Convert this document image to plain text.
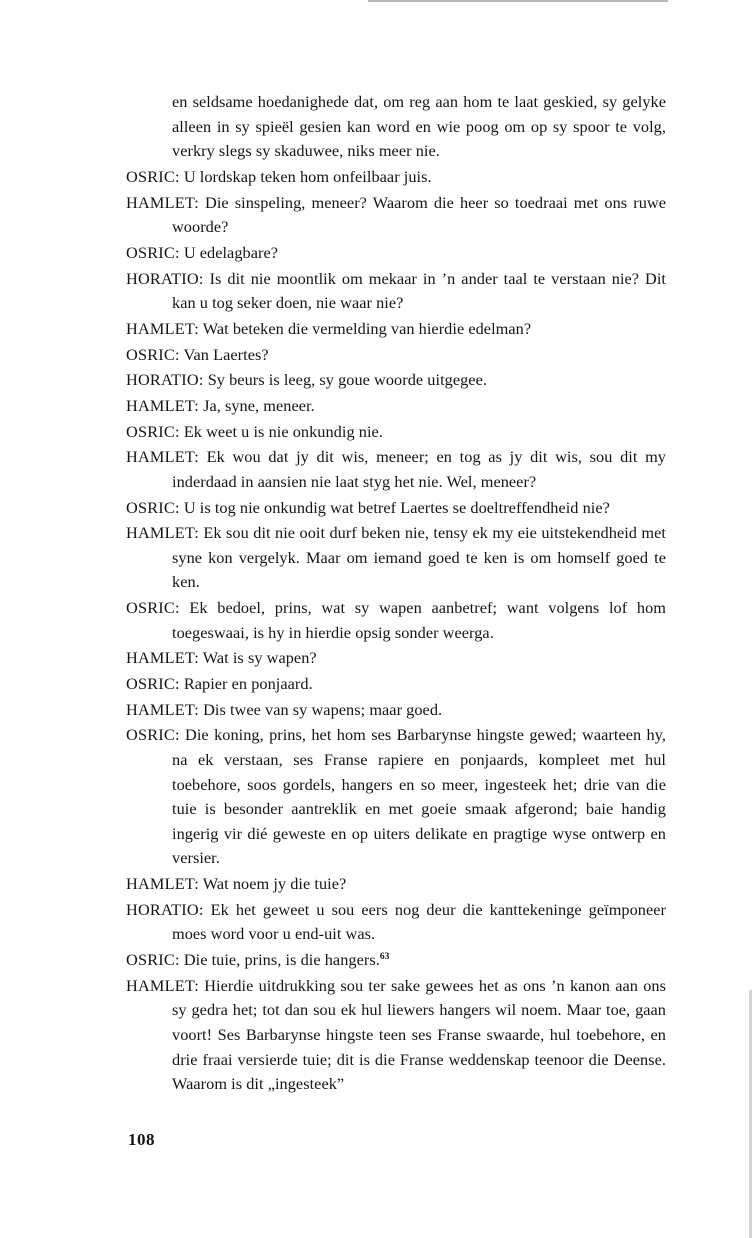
en seldsame hoedanighede dat, om reg aan hom te laat geskied, sy gelyke alleen in sy spieël gesien kan word en wie poog om op sy spoor te volg, verkry slegs sy skaduwee, niks meer nie.

OSRIC: U lordskap teken hom onfeilbaar juis.

HAMLET: Die sinspeling, meneer? Waarom die heer so toedraai met ons ruwe woorde?

OSRIC: U edelagbare?

HORATIO: Is dit nie moontlik om mekaar in ’n ander taal te verstaan nie? Dit kan u tog seker doen, nie waar nie?

HAMLET: Wat beteken die vermelding van hierdie edelman?

OSRIC: Van Laertes?

HORATIO: Sy beurs is leeg, sy goue woorde uitgegee.

HAMLET: Ja, syne, meneer.

OSRIC: Ek weet u is nie onkundig nie.

HAMLET: Ek wou dat jy dit wis, meneer; en tog as jy dit wis, sou dit my inderdaad in aansien nie laat styg het nie. Wel, meneer?

OSRIC: U is tog nie onkundig wat betref Laertes se doeltreffendheid nie?

HAMLET: Ek sou dit nie ooit durf beken nie, tensy ek my eie uitstekendheid met syne kon vergelyk. Maar om iemand goed te ken is om homself goed te ken.

OSRIC: Ek bedoel, prins, wat sy wapen aanbetref; want volgens lof hom toegeswaai, is hy in hierdie opsig sonder weerga.

HAMLET: Wat is sy wapen?

OSRIC: Rapier en ponjaard.

HAMLET: Dis twee van sy wapens; maar goed.

OSRIC: Die koning, prins, het hom ses Barbarynse hingste gewed; waarteen hy, na ek verstaan, ses Franse rapiere en ponjaards, kompleet met hul toebehore, soos gordels, hangers en so meer, ingesteek het; drie van die tuie is besonder aantreklik en met goeie smaak afgerond; baie handig ingerig vir dié geweste en op uiters delikate en pragtige wyse ontwerp en versier.

HAMLET: Wat noem jy die tuie?

HORATIO: Ek het geweet u sou eers nog deur die kanttekeninge geïmponeer moes word voor u end-uit was.

OSRIC: Die tuie, prins, is die hangers.$^{63}$

HAMLET: Hierdie uitdrukking sou ter sake gewees het as ons ’n kanon aan ons sy gedra het; tot dan sou ek hul liewers hangers wil noem. Maar toe, gaan voort! Ses Barbarynse hingste teen ses Franse swaarde, hul toebehore, en drie fraai versierde tuie; dit is die Franse weddenskap teenoor die Deense. Waarom is dit „ingesteek”

108
